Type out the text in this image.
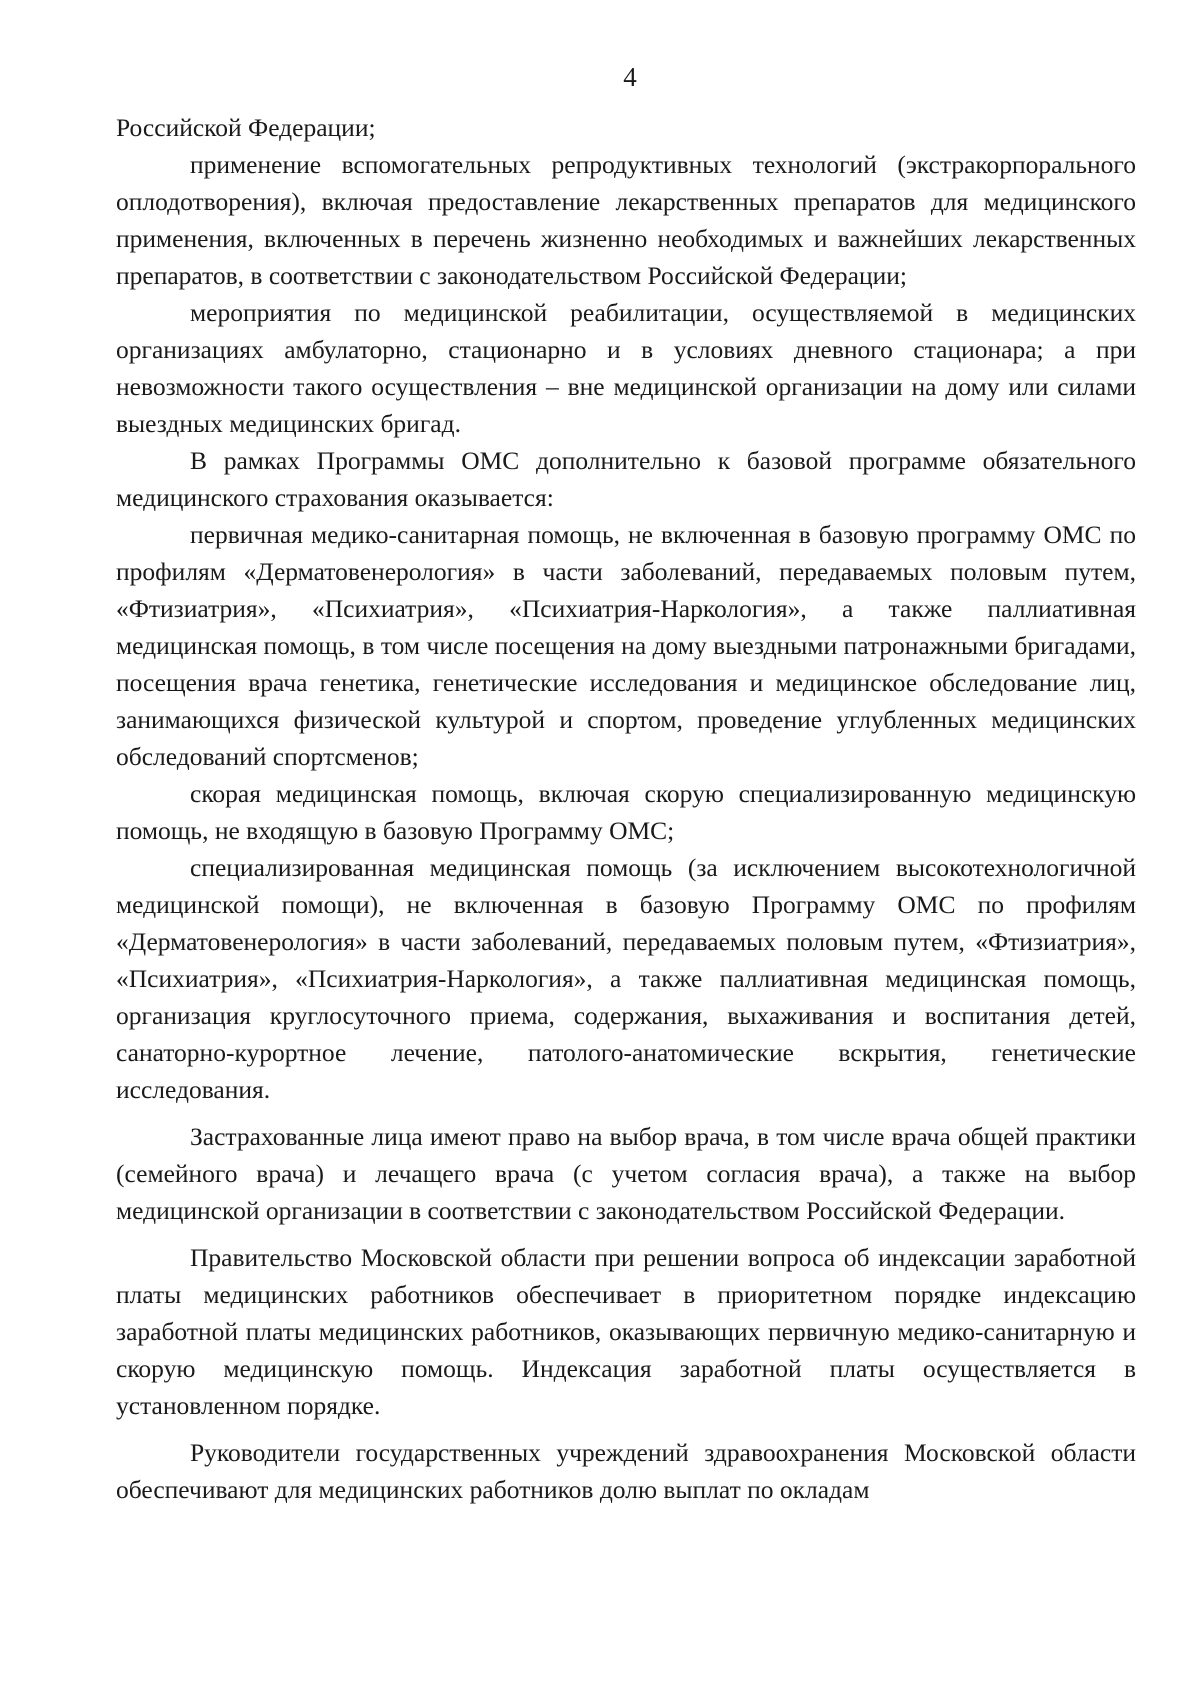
4

Российской Федерации;

применение вспомогательных репродуктивных технологий (экстракорпорального оплодотворения), включая предоставление лекарственных препаратов для медицинского применения, включенных в перечень жизненно необходимых и важнейших лекарственных препаратов, в соответствии с законодательством Российской Федерации;

мероприятия по медицинской реабилитации, осуществляемой в медицинских организациях амбулаторно, стационарно и в условиях дневного стационара; а при невозможности такого осуществления – вне медицинской организации на дому или силами выездных медицинских бригад.

В рамках Программы ОМС дополнительно к базовой программе обязательного медицинского страхования оказывается:

первичная медико-санитарная помощь, не включенная в базовую программу ОМС по профилям «Дерматовенерология» в части заболеваний, передаваемых половым путем, «Фтизиатрия», «Психиатрия», «Психиатрия-Наркология», а также паллиативная медицинская помощь, в том числе посещения на дому выездными патронажными бригадами, посещения врача генетика, генетические исследования и медицинское обследование лиц, занимающихся физической культурой и спортом, проведение углубленных медицинских обследований спортсменов;

скорая медицинская помощь, включая скорую специализированную медицинскую помощь, не входящую в базовую Программу ОМС;

специализированная медицинская помощь (за исключением высокотехнологичной медицинской помощи), не включенная в базовую Программу ОМС по профилям «Дерматовенерология» в части заболеваний, передаваемых половым путем, «Фтизиатрия», «Психиатрия», «Психиатрия-Наркология», а также паллиативная медицинская помощь, организация круглосуточного приема, содержания, выхаживания и воспитания детей, санаторно-курортное лечение, патолого-анатомические вскрытия, генетические исследования.

Застрахованные лица имеют право на выбор врача, в том числе врача общей практики (семейного врача) и лечащего врача (с учетом согласия врача), а также на выбор медицинской организации в соответствии с законодательством Российской Федерации.

Правительство Московской области при решении вопроса об индексации заработной платы медицинских работников обеспечивает в приоритетном порядке индексацию заработной платы медицинских работников, оказывающих первичную медико-санитарную и скорую медицинскую помощь. Индексация заработной платы осуществляется в установленном порядке.

Руководители государственных учреждений здравоохранения Московской области обеспечивают для медицинских работников долю выплат по окладам
